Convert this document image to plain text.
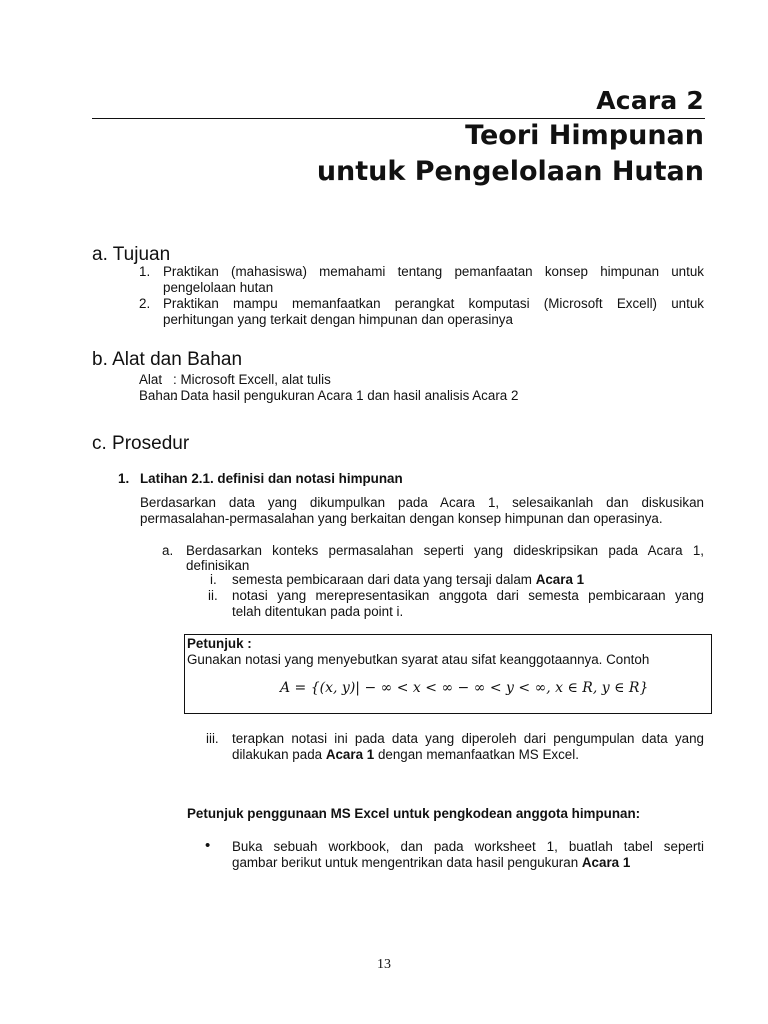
Acara 2
Teori Himpunan
untuk Pengelolaan Hutan
a. Tujuan
1. Praktikan (mahasiswa) memahami tentang pemanfaatan konsep himpunan untuk
pengelolaan hutan
2. Praktikan mampu memanfaatkan perangkat komputasi (Microsoft Excell) untuk
perhitungan yang terkait dengan himpunan dan operasinya
b. Alat dan Bahan
Alat : Microsoft Excell, alat tulis
Bahan: Data hasil pengukuran Acara 1 dan hasil analisis Acara 2
c. Prosedur
1. Latihan 2.1. definisi dan notasi himpunan
Berdasarkan data yang dikumpulkan pada Acara 1, selesaikanlah dan diskusikan
permasalahan-permasalahan yang berkaitan dengan konsep himpunan dan operasinya.
a. Berdasarkan konteks permasalahan seperti yang dideskripsikan pada Acara 1,
definisikan
i. semesta pembicaraan dari data yang tersaji dalam Acara 1
ii. notasi yang merepresentasikan anggota dari semesta pembicaraan yang
telah ditentukan pada point i.
Petunjuk :
Gunakan notasi yang menyebutkan syarat atau sifat keanggotaannya. Contoh
A = {(x, y)| − ∞ < x < ∞ − ∞ < y < ∞, x ∈ R, y ∈ R}
iii. terapkan notasi ini pada data yang diperoleh dari pengumpulan data yang
dilakukan pada Acara 1 dengan memanfaatkan MS Excel.
Petunjuk penggunaan MS Excel untuk pengkodean anggota himpunan:
• Buka sebuah workbook, dan pada worksheet 1, buatlah tabel seperti
gambar berikut untuk mengentrikan data hasil pengukuran Acara 1
13
